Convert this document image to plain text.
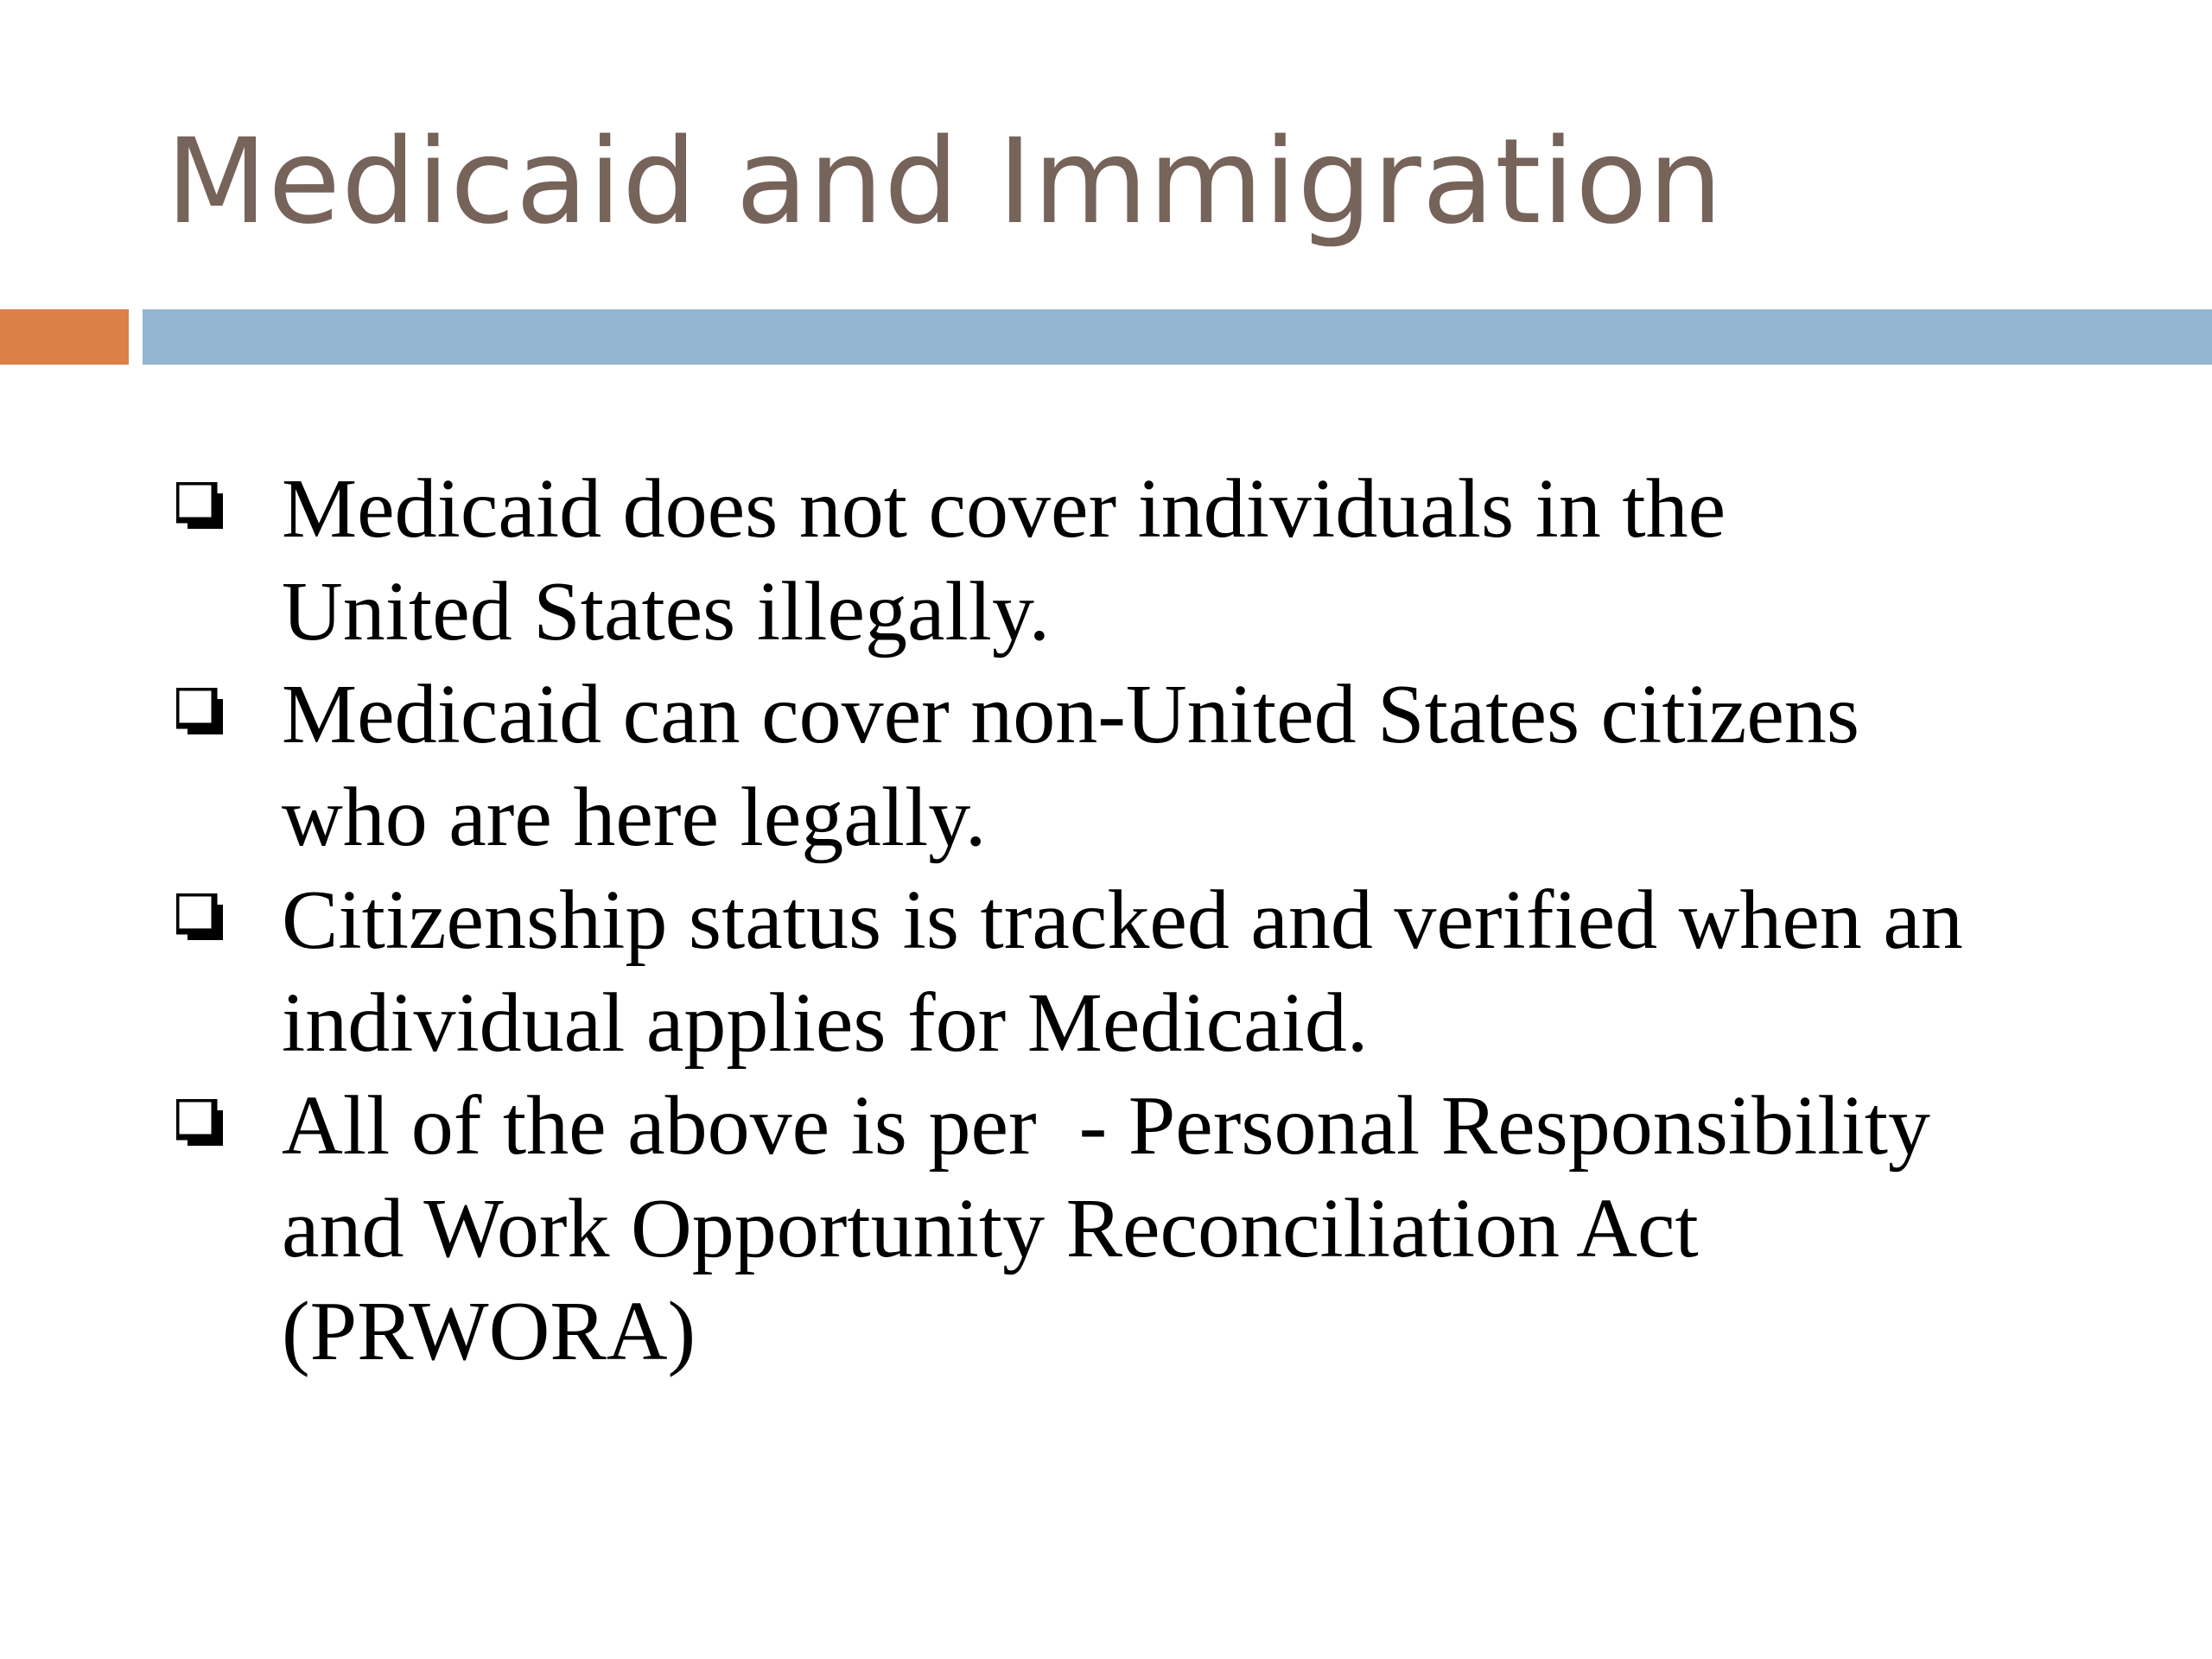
Medicaid and Immigration
Medicaid does not cover individuals in the
United States illegally.
Medicaid can cover non-United States citizens
who are here legally.
Citizenship status is tracked and verified when an
individual applies for Medicaid.
All of the above is per  - Personal Responsibility
and Work Opportunity Reconciliation Act
(PRWORA)
